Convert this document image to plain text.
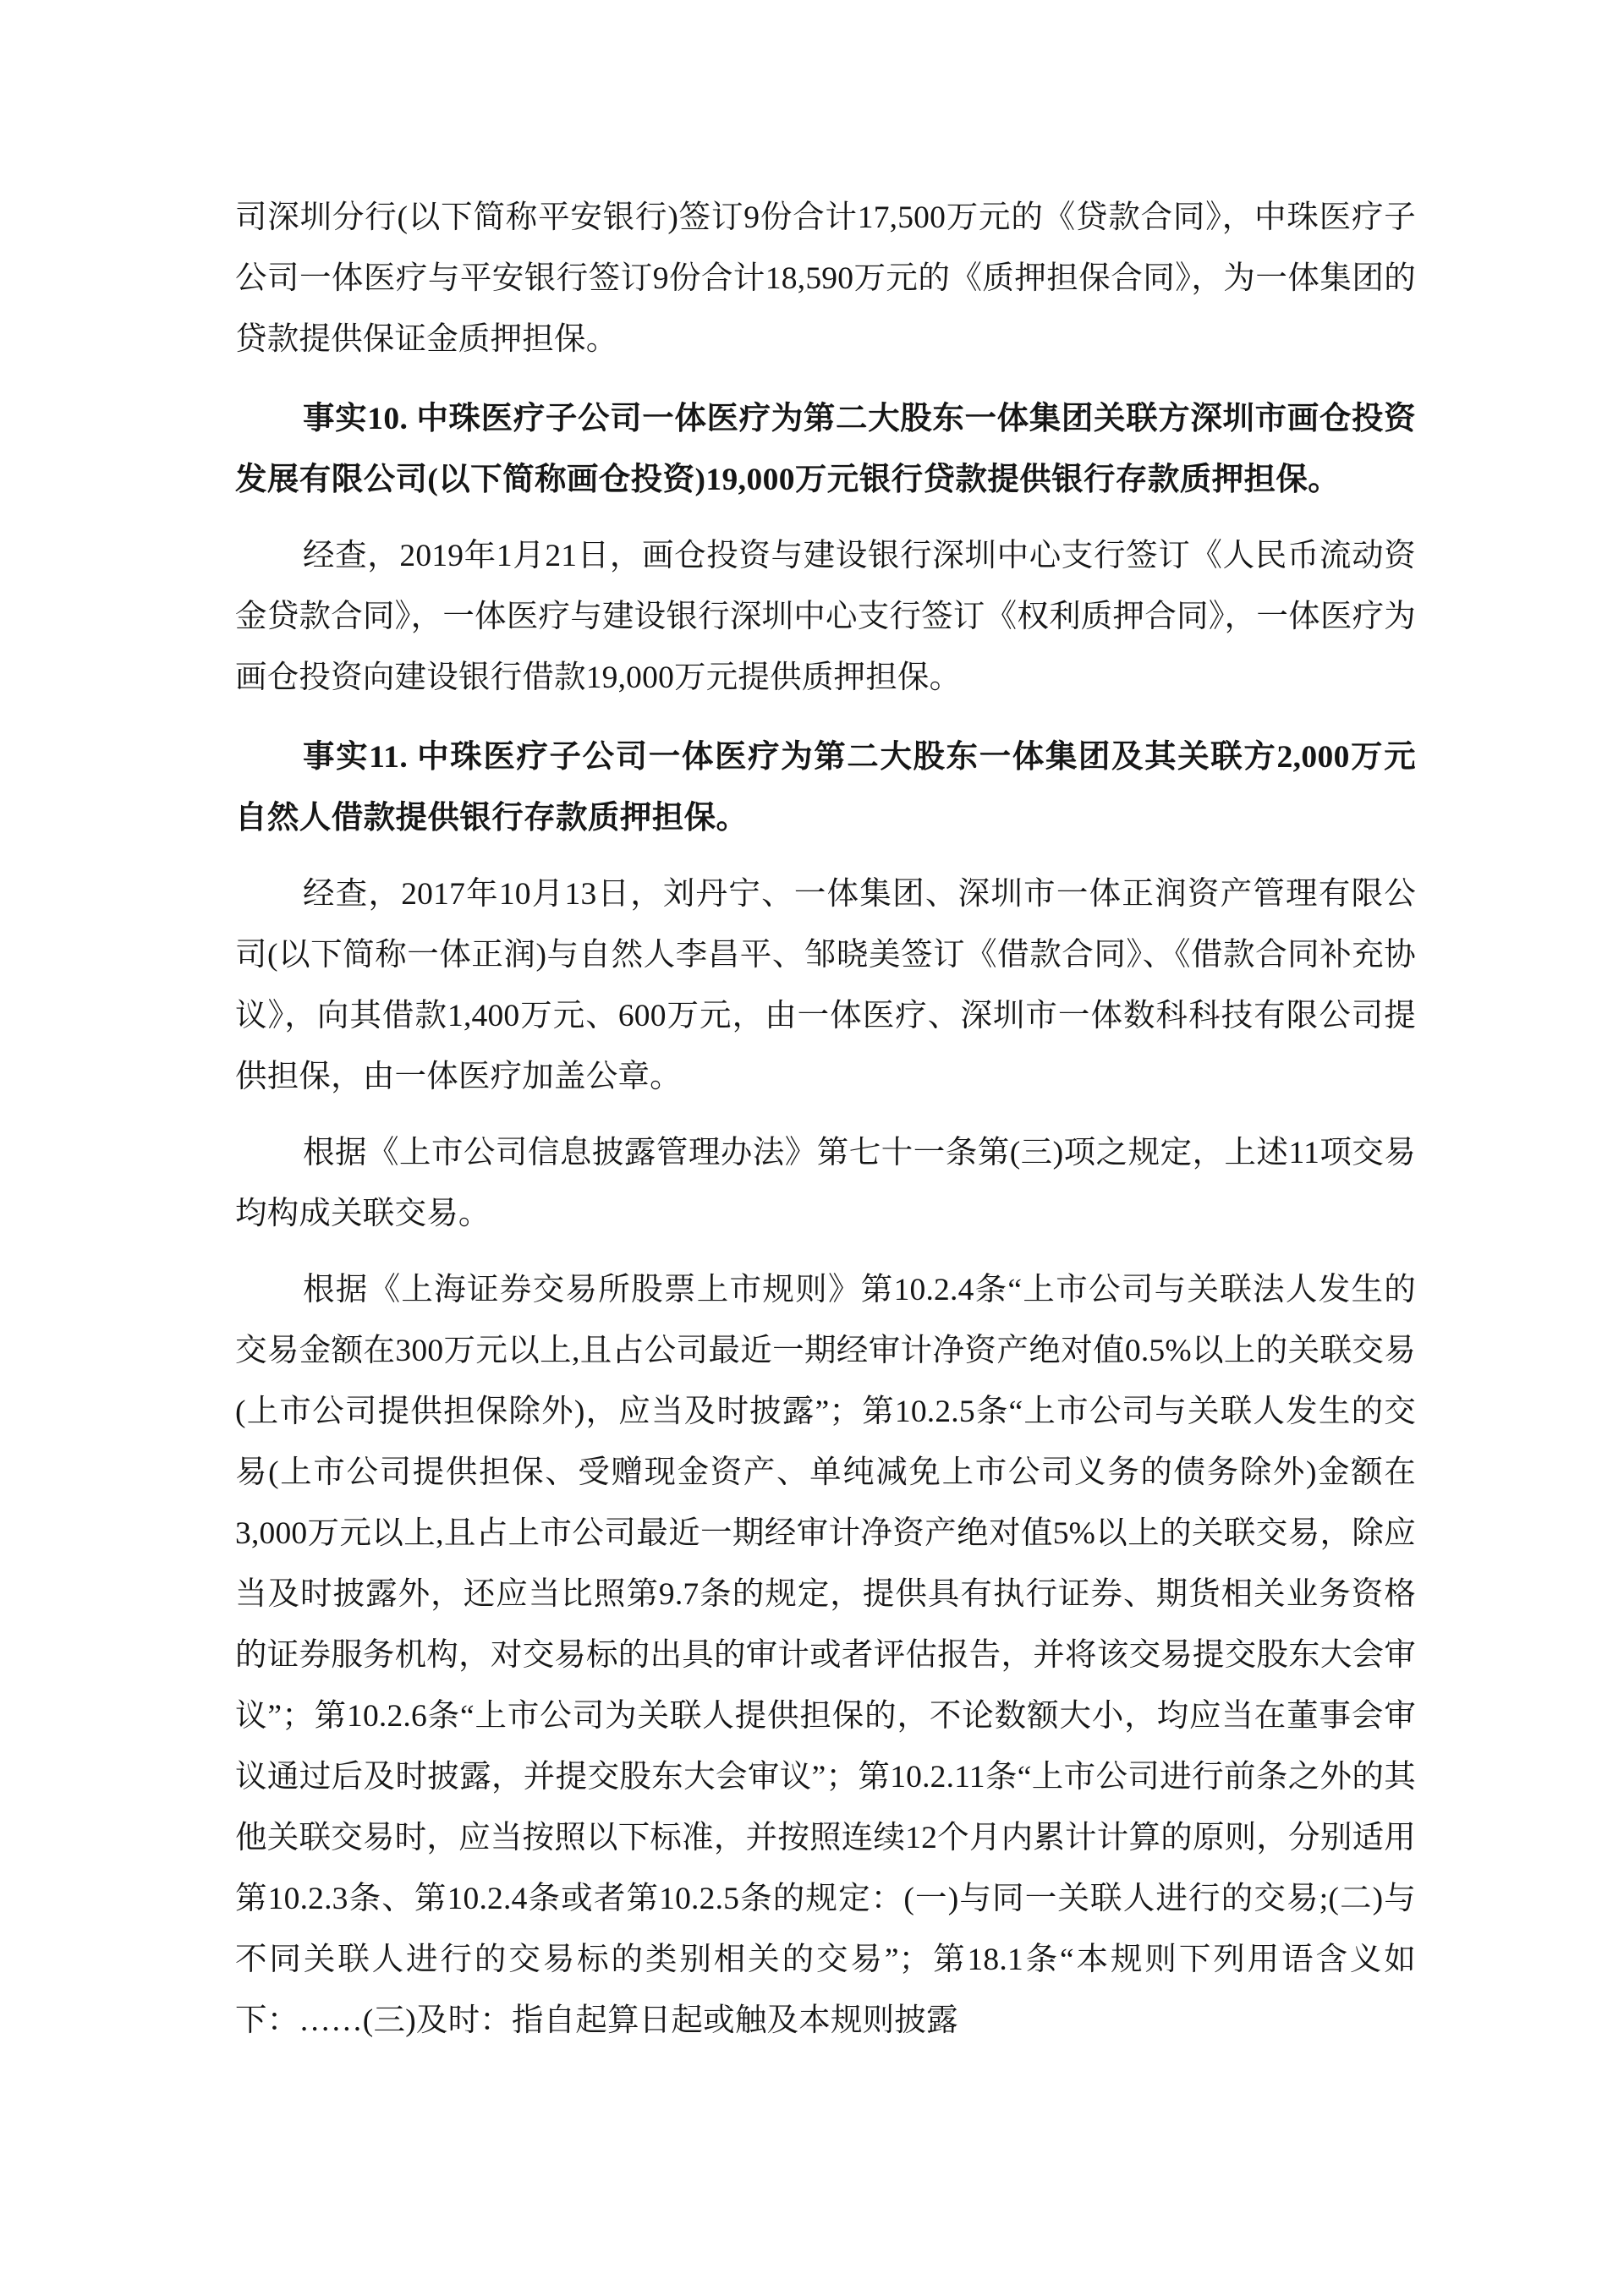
司深圳分行(以下简称平安银行)签订9份合计17,500万元的《贷款合同》，中珠医疗子公司一体医疗与平安银行签订9份合计18,590万元的《质押担保合同》，为一体集团的贷款提供保证金质押担保。

事实10. 中珠医疗子公司一体医疗为第二大股东一体集团关联方深圳市画仓投资发展有限公司(以下简称画仓投资)19,000万元银行贷款提供银行存款质押担保。

经查，2019年1月21日，画仓投资与建设银行深圳中心支行签订《人民币流动资金贷款合同》，一体医疗与建设银行深圳中心支行签订《权利质押合同》，一体医疗为画仓投资向建设银行借款19,000万元提供质押担保。

事实11. 中珠医疗子公司一体医疗为第二大股东一体集团及其关联方2,000万元自然人借款提供银行存款质押担保。

经查，2017年10月13日，刘丹宁、一体集团、深圳市一体正润资产管理有限公司(以下简称一体正润)与自然人李昌平、邹晓美签订《借款合同》、《借款合同补充协议》，向其借款1,400万元、600万元，由一体医疗、深圳市一体数科科技有限公司提供担保，由一体医疗加盖公章。

根据《上市公司信息披露管理办法》第七十一条第(三)项之规定，上述11项交易均构成关联交易。

根据《上海证券交易所股票上市规则》第10.2.4条“上市公司与关联法人发生的交易金额在300万元以上,且占公司最近一期经审计净资产绝对值0.5%以上的关联交易(上市公司提供担保除外)，应当及时披露”；第10.2.5条“上市公司与关联人发生的交易(上市公司提供担保、受赠现金资产、单纯减免上市公司义务的债务除外)金额在3,000万元以上,且占上市公司最近一期经审计净资产绝对值5%以上的关联交易，除应当及时披露外，还应当比照第9.7条的规定，提供具有执行证券、期货相关业务资格的证券服务机构，对交易标的出具的审计或者评估报告，并将该交易提交股东大会审议”；第10.2.6条“上市公司为关联人提供担保的，不论数额大小，均应当在董事会审议通过后及时披露，并提交股东大会审议”；第10.2.11条“上市公司进行前条之外的其他关联交易时，应当按照以下标准，并按照连续12个月内累计计算的原则，分别适用第10.2.3条、第10.2.4条或者第10.2.5条的规定：(一)与同一关联人进行的交易;(二)与不同关联人进行的交易标的类别相关的交易”；第18.1条“本规则下列用语含义如下：……(三)及时：指自起算日起或触及本规则披露
